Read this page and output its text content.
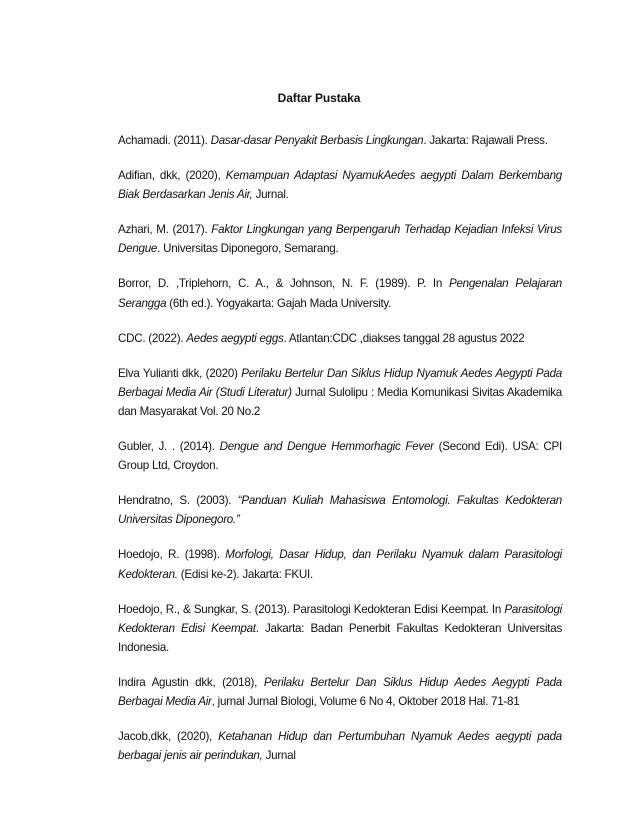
Daftar Pustaka

Achamadi. (2011). Dasar-dasar Penyakit Berbasis Lingkungan. Jakarta: Rajawali Press.

Adifian, dkk, (2020), Kemampuan Adaptasi NyamukAedes aegypti Dalam Berkembang Biak Berdasarkan Jenis Air, Jurnal.

Azhari, M. (2017). Faktor Lingkungan yang Berpengaruh Terhadap Kejadian Infeksi Virus Dengue. Universitas Diponegoro, Semarang.

Borror, D. ,Triplehorn, C. A., & Johnson, N. F. (1989). P. In Pengenalan Pelajaran Serangga (6th ed.). Yogyakarta: Gajah Mada University.

CDC. (2022). Aedes aegypti eggs. Atlantan:CDC ,diakses tanggal 28 agustus 2022

Elva Yulianti dkk, (2020) Perilaku Bertelur Dan Siklus Hidup Nyamuk Aedes Aegypti Pada Berbagai Media Air (Studi Literatur) Jurnal Sulolipu : Media Komunikasi Sivitas Akademika dan Masyarakat Vol. 20 No.2

Gubler, J. . (2014). Dengue and Dengue Hemmorhagic Fever (Second Edi). USA: CPI Group Ltd, Croydon.

Hendratno, S. (2003). “Panduan Kuliah Mahasiswa Entomologi. Fakultas Kedokteran Universitas Diponegoro.”

Hoedojo, R. (1998). Morfologi, Dasar Hidup, dan Perilaku Nyamuk dalam Parasitologi Kedokteran. (Edisi ke-2). Jakarta: FKUI.

Hoedojo, R., & Sungkar, S. (2013). Parasitologi Kedokteran Edisi Keempat. In Parasitologi Kedokteran Edisi Keempat. Jakarta: Badan Penerbit Fakultas Kedokteran Universitas Indonesia.

Indira Agustin dkk, (2018), Perilaku Bertelur Dan Siklus Hidup Aedes Aegypti Pada Berbagai Media Air, jurnal Jurnal Biologi, Volume 6 No 4, Oktober 2018 Hal. 71-81

Jacob,dkk, (2020), Ketahanan Hidup dan Pertumbuhan Nyamuk Aedes aegypti pada berbagai jenis air perindukan, Jurnal
